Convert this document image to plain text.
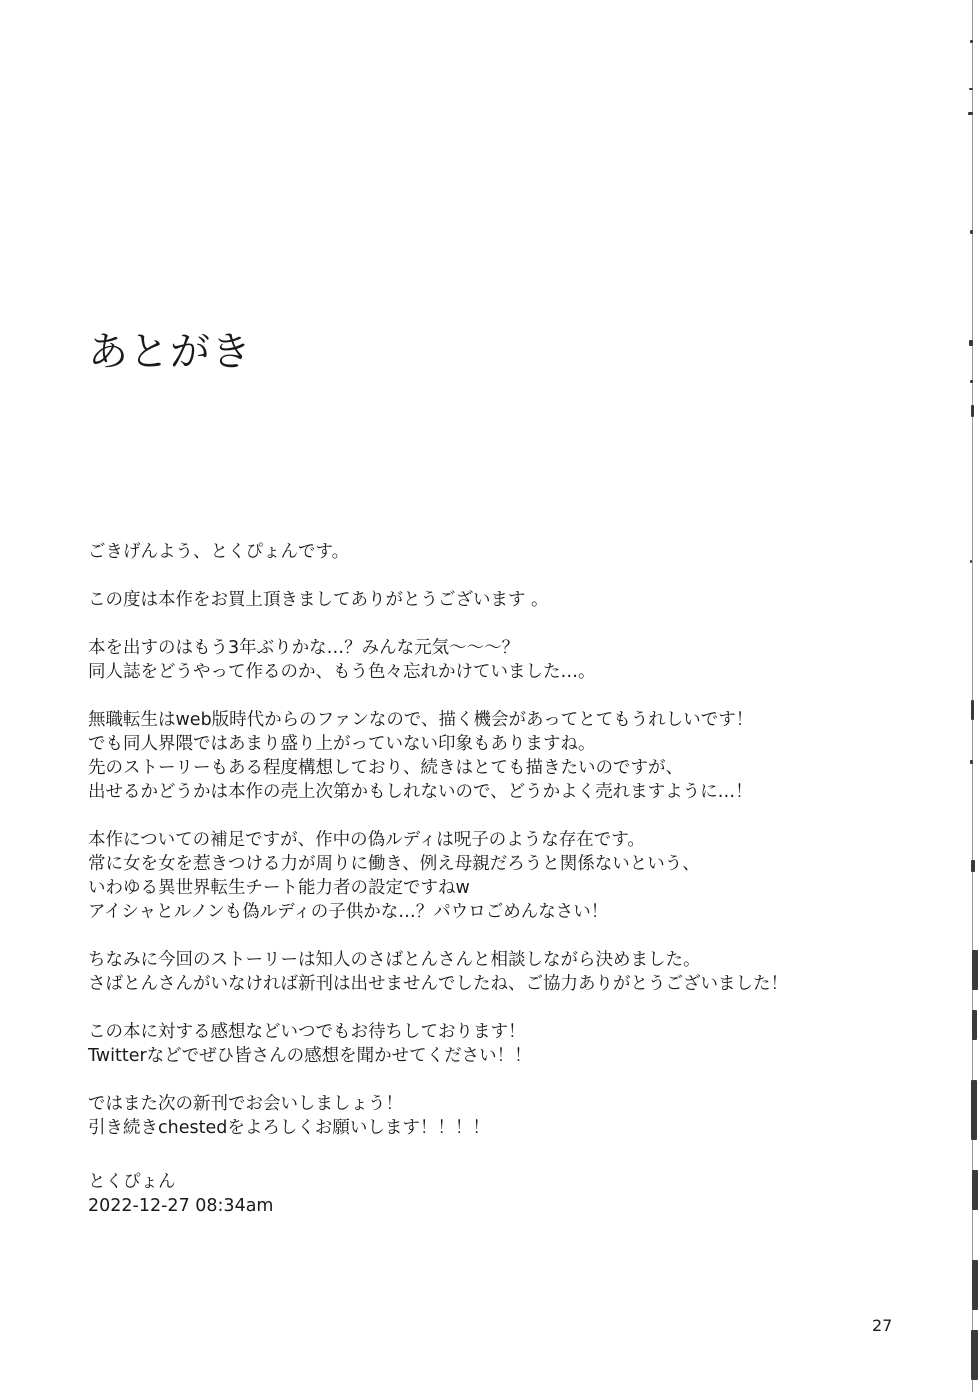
あとがき

ごきげんよう、とくぴょんです。

この度は本作をお買上頂きましてありがとうございます 。

本を出すのはもう3年ぶりかな…？みんな元気～～～？
同人誌をどうやって作るのか、もう色々忘れかけていました…。

無職転生はweb版時代からのファンなので、描く機会があってとてもうれしいです！
でも同人界隈ではあまり盛り上がっていない印象もありますね。
先のストーリーもある程度構想しており、続きはとても描きたいのですが、
出せるかどうかは本作の売上次第かもしれないので、どうかよく売れますように…！

本作についての補足ですが、作中の偽ルディは呪子のような存在です。
常に女を女を惹きつける力が周りに働き、例え母親だろうと関係ないという、
いわゆる異世界転生チート能力者の設定ですねw
アイシャとルノンも偽ルディの子供かな…？パウロごめんなさい！

ちなみに今回のストーリーは知人のさばとんさんと相談しながら決めました。
さばとんさんがいなければ新刊は出せませんでしたね、ご協力ありがとうございました！

この本に対する感想などいつでもお待ちしております！
Twitterなどでぜひ皆さんの感想を聞かせてください！！

ではまた次の新刊でお会いしましょう！
引き続きchestedをよろしくお願いします！！！！

とくぴょん
2022-12-27 08:34am
27
